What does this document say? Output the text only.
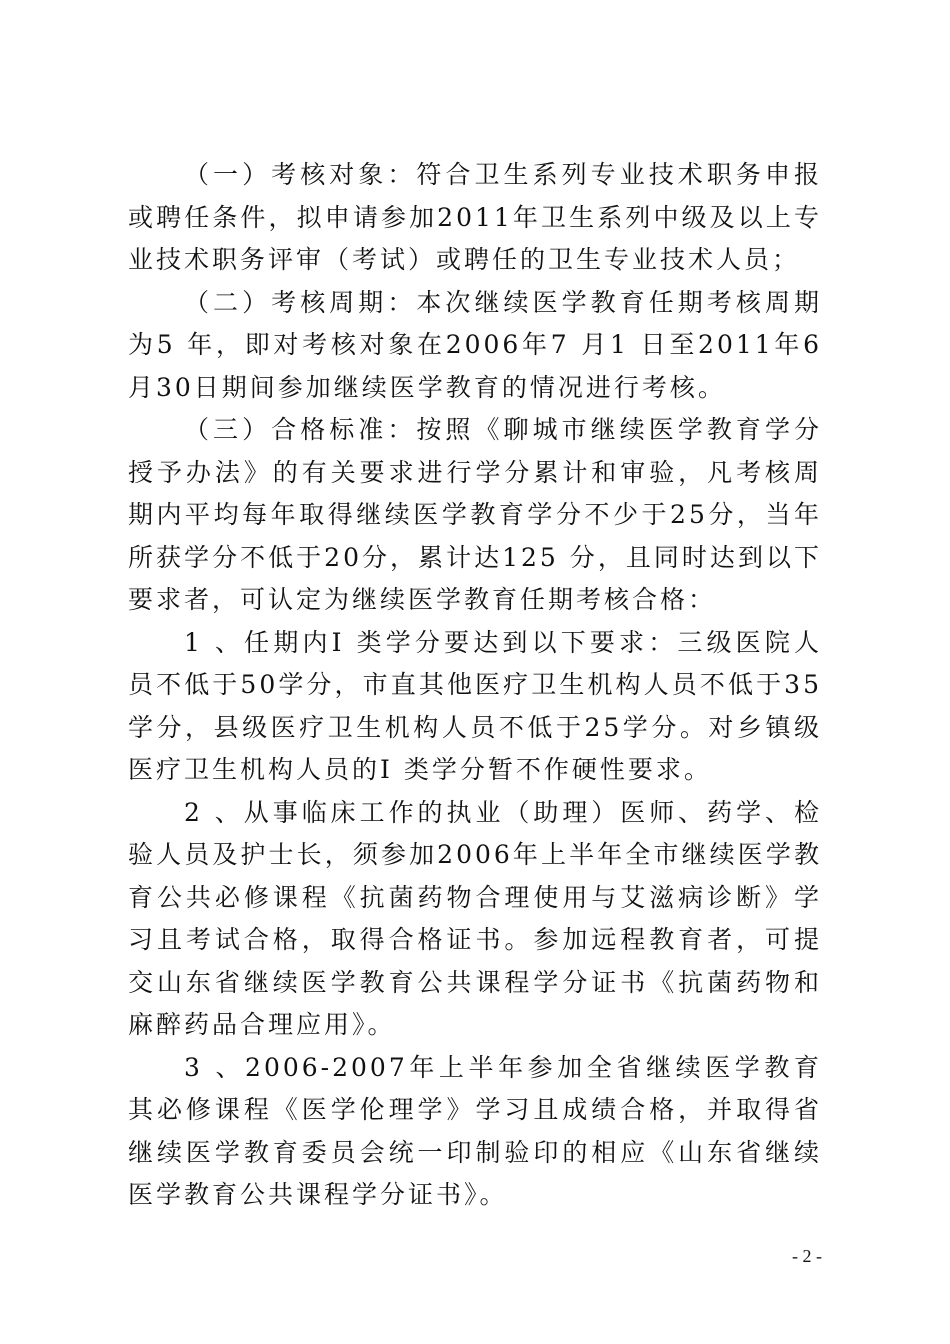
（一）考核对象：符合卫生系列专业技术职务申报或聘任条件，拟申请参加2011年卫生系列中级及以上专业技术职务评审（考试）或聘任的卫生专业技术人员；

（二）考核周期：本次继续医学教育任期考核周期为5 年，即对考核对象在2006年7 月1 日至2011年6 月30日期间参加继续医学教育的情况进行考核。

（三）合格标准：按照《聊城市继续医学教育学分授予办法》的有关要求进行学分累计和审验，凡考核周期内平均每年取得继续医学教育学分不少于25分，当年所获学分不低于20分，累计达125 分，且同时达到以下要求者，可认定为继续医学教育任期考核合格：

1 、任期内I 类学分要达到以下要求：三级医院人员不低于50学分，市直其他医疗卫生机构人员不低于35学分，县级医疗卫生机构人员不低于25学分。对乡镇级医疗卫生机构人员的I 类学分暂不作硬性要求。

2 、从事临床工作的执业（助理）医师、药学、检验人员及护士长，须参加2006年上半年全市继续医学教育公共必修课程《抗菌药物合理使用与艾滋病诊断》学习且考试合格，取得合格证书。参加远程教育者，可提交山东省继续医学教育公共课程学分证书《抗菌药物和麻醉药品合理应用》。

3 、2006-2007年上半年参加全省继续医学教育其必修课程《医学伦理学》学习且成绩合格，并取得省继续医学教育委员会统一印制验印的相应《山东省继续医学教育公共课程学分证书》。

- 2 -
